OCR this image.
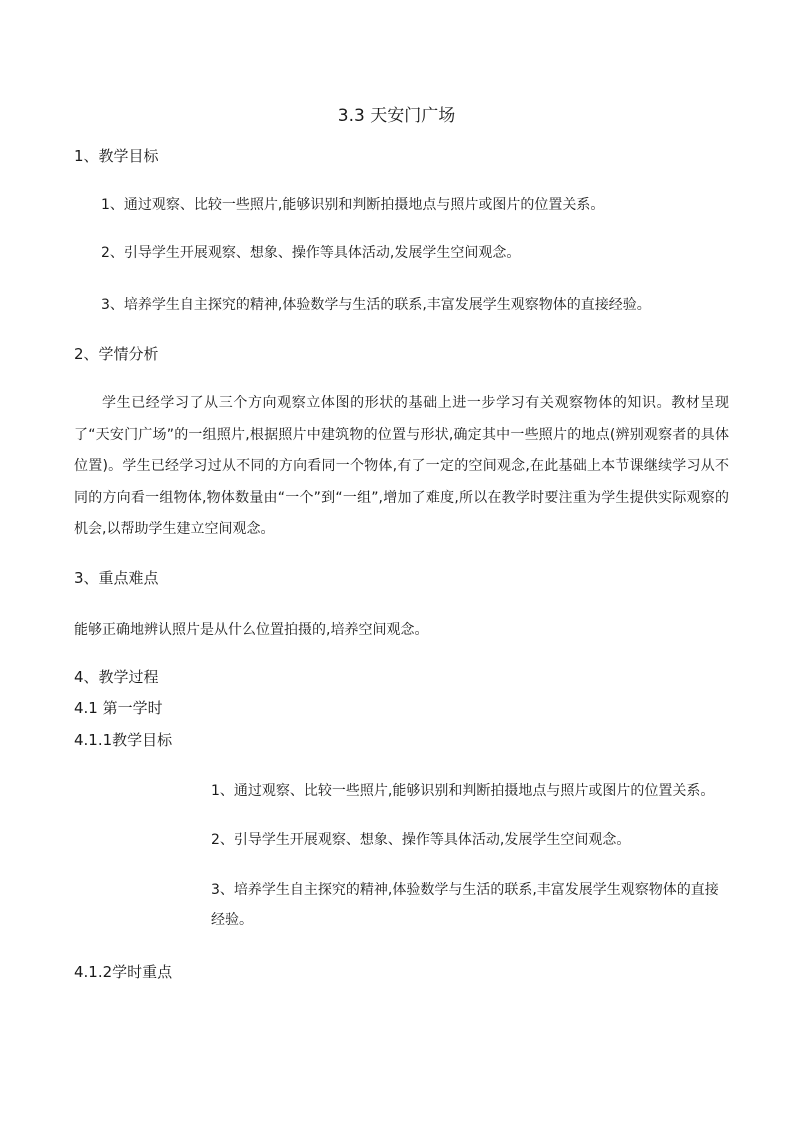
3.3 天安门广场
1、教学目标
1、通过观察、比较一些照片,能够识别和判断拍摄地点与照片或图片的位置关系。
2、引导学生开展观察、想象、操作等具体活动,发展学生空间观念。
3、培养学生自主探究的精神,体验数学与生活的联系,丰富发展学生观察物体的直接经验。
2、学情分析
学生已经学习了从三个方向观察立体图的形状的基础上进一步学习有关观察物体的知识。教材呈现了“天安门广场”的一组照片,根据照片中建筑物的位置与形状,确定其中一些照片的地点(辨别观察者的具体位置)。学生已经学习过从不同的方向看同一个物体,有了一定的空间观念,在此基础上本节课继续学习从不同的方向看一组物体,物体数量由“一个”到“一组”,增加了难度,所以在教学时要注重为学生提供实际观察的机会,以帮助学生建立空间观念。
3、重点难点
能够正确地辨认照片是从什么位置拍摄的,培养空间观念。
4、教学过程
4.1 第一学时
4.1.1教学目标
1、通过观察、比较一些照片,能够识别和判断拍摄地点与照片或图片的位置关系。
2、引导学生开展观察、想象、操作等具体活动,发展学生空间观念。
3、培养学生自主探究的精神,体验数学与生活的联系,丰富发展学生观察物体的直接经验。
4.1.2学时重点
